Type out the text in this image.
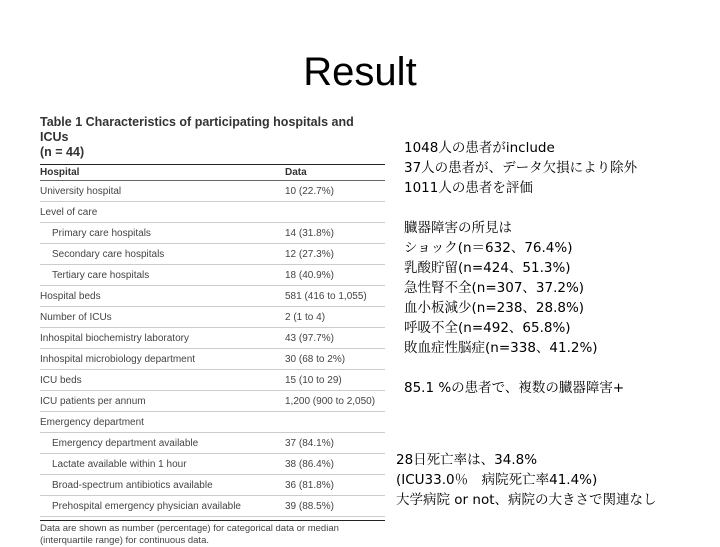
Result
Table 1 Characteristics of participating hospitals and ICUs
(n = 44)
Hospital	Data
University hospital	10 (22.7%)
Level of care
Primary care hospitals	14 (31.8%)
Secondary care hospitals	12 (27.3%)
Tertiary care hospitals	18 (40.9%)
Hospital beds	581 (416 to 1,055)
Number of ICUs	2 (1 to 4)
Inhospital biochemistry laboratory	43 (97.7%)
Inhospital microbiology department	30 (68 to 2%)
ICU beds	15 (10 to 29)
ICU patients per annum	1,200 (900 to 2,050)
Emergency department
Emergency department available	37 (84.1%)
Lactate available within 1 hour	38 (86.4%)
Broad-spectrum antibiotics available	36 (81.8%)
Prehospital emergency physician available	39 (88.5%)
Data are shown as number (percentage) for categorical data or median
(interquartile range) for continuous data.
1048人の患者がinclude
37人の患者が、データ欠損により除外
1011人の患者を評価
臓器障害の所見は
ショック(n＝632、76.4%)
乳酸貯留(n=424、51.3%)
急性腎不全(n=307、37.2%)
血小板減少(n=238、28.8%)
呼吸不全(n=492、65.8%)
敗血症性脳症(n=338、41.2%)
85.1 %の患者で、複数の臓器障害+
28日死亡率は、34.8%
(ICU33.0％　病院死亡率41.4%)
大学病院 or not、病院の大きさで関連なし
